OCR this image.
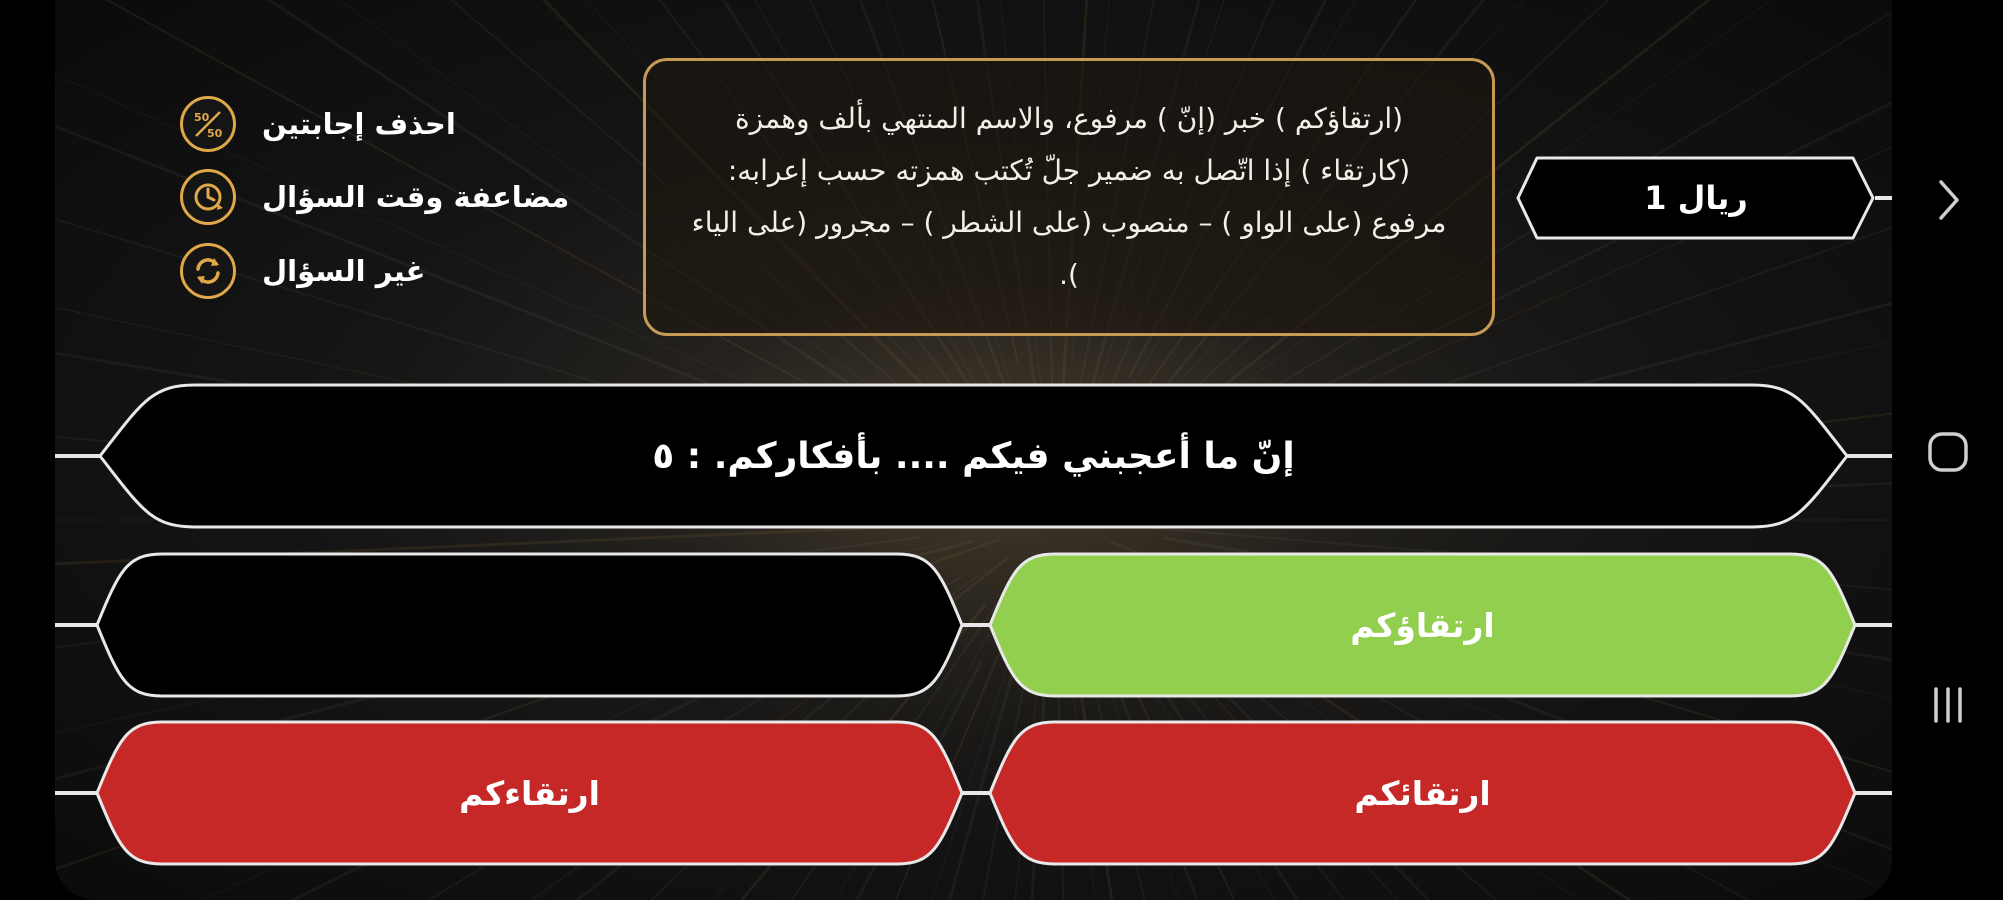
50
50 احذف إجابتين
مضاعفة وقت السؤال
غير السؤال
(ارتقاؤكم ) خبر (إنّ ) مرفوع، والاسم المنتهي بألف وهمزة (كارتقاء ) إذا اتّصل به ضمير جلّ تُكتب همزته حسب إعرابه: مرفوع (على الواو ) – منصوب (على الشطر ) – مجرور (على الياء ).
ريال 1
إنّ ما أعجبني فيكم .... بأفكاركم. : ٥
ارتقاؤكم
ارتقاءكم	ارتقائكم
